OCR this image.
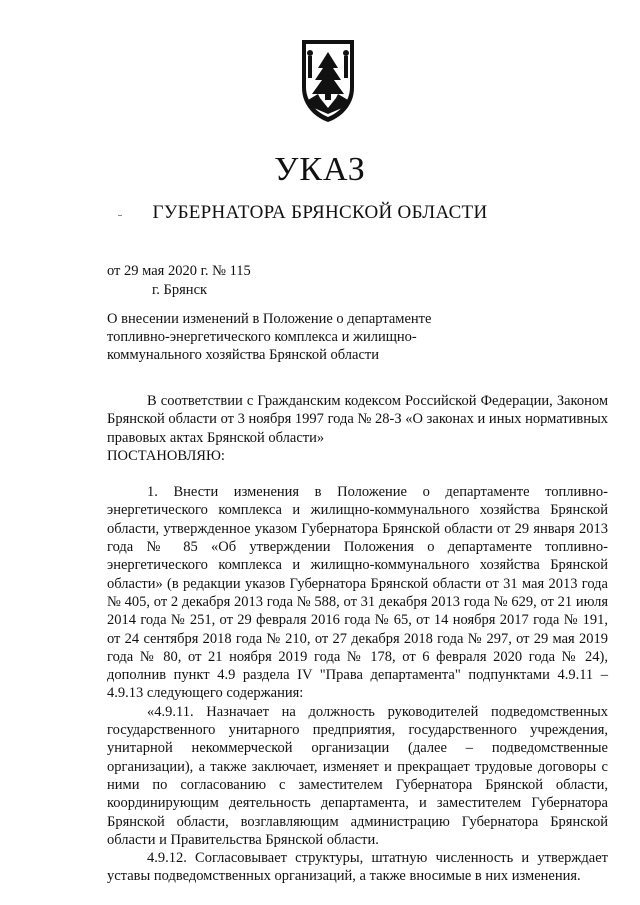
УКАЗ
ГУБЕРНАТОРА БРЯНСКОЙ ОБЛАСТИ
от 29 мая 2020 г. № 115
г. Брянск
О внесении изменений в Положение о департаменте топливно-энергетического комплекса и жилищно-коммунального хозяйства Брянской области

В соответствии с Гражданским кодексом Российской Федерации, Законом Брянской области от 3 ноября 1997 года № 28-З «О законах и иных нормативных правовых актах Брянской области»

ПОСТАНОВЛЯЮ:

1. Внести изменения в Положение о департаменте топливно-энергетического комплекса и жилищно-коммунального хозяйства Брянской области, утвержденное указом Губернатора Брянской области от 29 января 2013 года № 85 «Об утверждении Положения о департаменте топливно-энергетического комплекса и жилищно-коммунального хозяйства Брянской области» (в редакции указов Губернатора Брянской области от 31 мая 2013 года № 405, от 2 декабря 2013 года № 588, от 31 декабря 2013 года № 629, от 21 июля 2014 года № 251, от 29 февраля 2016 года № 65, от 14 ноября 2017 года № 191, от 24 сентября 2018 года № 210, от 27 декабря 2018 года № 297, от 29 мая 2019 года № 80, от 21 ноября 2019 года № 178, от 6 февраля 2020 года № 24), дополнив пункт 4.9 раздела IV "Права департамента" подпунктами 4.9.11 – 4.9.13 следующего содержания:

«4.9.11. Назначает на должность руководителей подведомственных государственного унитарного предприятия, государственного учреждения, унитарной некоммерческой организации (далее – подведомственные организации), а также заключает, изменяет и прекращает трудовые договоры с ними по согласованию с заместителем Губернатора Брянской области, координирующим деятельность департамента, и заместителем Губернатора Брянской области, возглавляющим администрацию Губернатора Брянской области и Правительства Брянской области.

4.9.12. Согласовывает структуры, штатную численность и утверждает уставы подведомственных организаций, а также вносимые в них изменения.
